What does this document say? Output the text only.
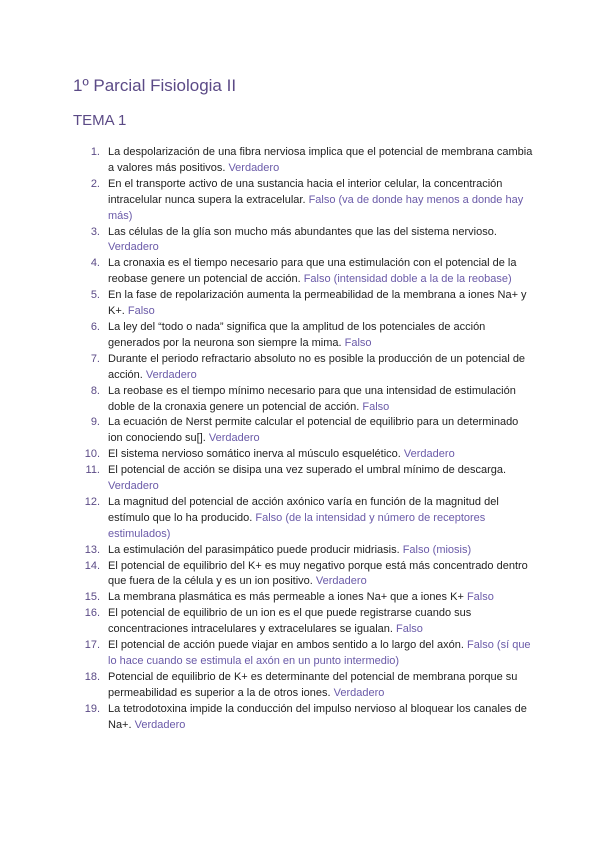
1º Parcial Fisiologia II
TEMA 1
1. La despolarización de una fibra nerviosa implica que el potencial de membrana cambia a valores más positivos. Verdadero
2. En el transporte activo de una sustancia hacia el interior celular, la concentración intracelular nunca supera la extracelular. Falso (va de donde hay menos a donde hay más)
3. Las células de la glía son mucho más abundantes que las del sistema nervioso. Verdadero
4. La cronaxia es el tiempo necesario para que una estimulación con el potencial de la reobase genere un potencial de acción. Falso (intensidad doble a la de la reobase)
5. En la fase de repolarización aumenta la permeabilidad de la membrana a iones Na+ y K+. Falso
6. La ley del “todo o nada” significa que la amplitud de los potenciales de acción generados por la neurona son siempre la mima. Falso
7. Durante el periodo refractario absoluto no es posible la producción de un potencial de acción. Verdadero
8. La reobase es el tiempo mínimo necesario para que una intensidad de estimulación doble de la cronaxia genere un potencial de acción. Falso
9. La ecuación de Nerst permite calcular el potencial de equilibrio para un determinado ion conociendo su[]. Verdadero
10. El sistema nervioso somático inerva al músculo esquelético. Verdadero
11. El potencial de acción se disipa una vez superado el umbral mínimo de descarga. Verdadero
12. La magnitud del potencial de acción axónico varía en función de la magnitud del estímulo que lo ha producido. Falso (de la intensidad y número de receptores estimulados)
13. La estimulación del parasimpático puede producir midriasis. Falso (miosis)
14. El potencial de equilibrio del K+ es muy negativo porque está más concentrado dentro que fuera de la célula y es un ion positivo. Verdadero
15. La membrana plasmática es más permeable a iones Na+ que a iones K+ Falso
16. El potencial de equilibrio de un ion es el que puede registrarse cuando sus concentraciones intracelulares y extracelulares se igualan. Falso
17. El potencial de acción puede viajar en ambos sentido a lo largo del axón. Falso (sí que lo hace cuando se estimula el axón en un punto intermedio)
18. Potencial de equilibrio de K+ es determinante del potencial de membrana porque su permeabilidad es superior a la de otros iones. Verdadero
19. La tetrodotoxina impide la conducción del impulso nervioso al bloquear los canales de Na+. Verdadero
